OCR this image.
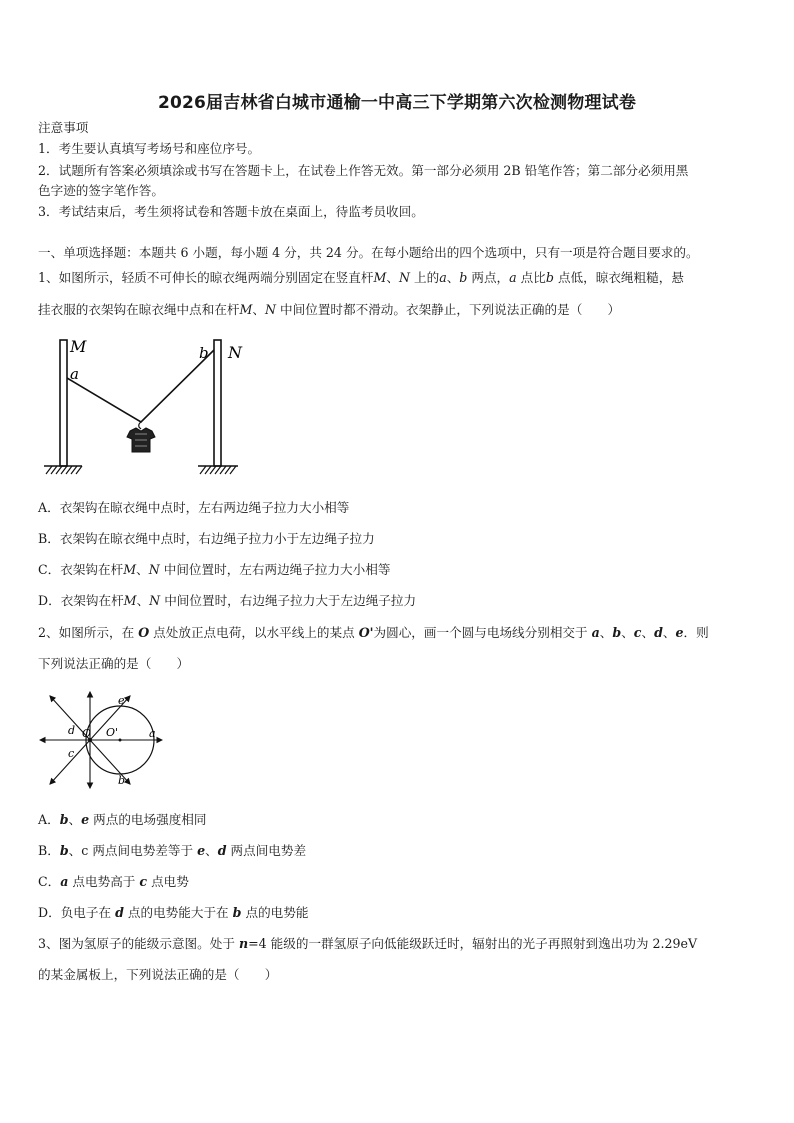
2026届吉林省白城市通榆一中高三下学期第六次检测物理试卷
注意事项
1．考生要认真填写考场号和座位序号。
2．试题所有答案必须填涂或书写在答题卡上，在试卷上作答无效。第一部分必须用 2B 铅笔作答；第二部分必须用黑
色字迹的签字笔作答。
3．考试结束后，考生须将试卷和答题卡放在桌面上，待监考员收回。
一、单项选择题：本题共 6 小题，每小题 4 分，共 24 分。在每小题给出的四个选项中，只有一项是符合题目要求的。
1、如图所示，轻质不可伸长的晾衣绳两端分别固定在竖直杆M、N 上的a、b 两点，a 点比b 点低，晾衣绳粗糙，悬
挂衣服的衣架钩在晾衣绳中点和在杆M、N 中间位置时都不滑动。衣架静止，下列说法正确的是（　　）
M
a
b N
A．衣架钩在晾衣绳中点时，左右两边绳子拉力大小相等
B．衣架钩在晾衣绳中点时，右边绳子拉力小于左边绳子拉力
C．衣架钩在杆M、N 中间位置时，左右两边绳子拉力大小相等
D．衣架钩在杆M、N 中间位置时，右边绳子拉力大于左边绳子拉力
2、如图所示，在 O 点处放正点电荷，以水平线上的某点 O'为圆心，画一个圆与电场线分别相交于 a、b、c、d、e．则
下列说法正确的是（　　）
e
d O O'	a
c
b
A．b、e 两点的电场强度相同
B．b、c 两点间电势差等于 e、d 两点间电势差
C．a 点电势高于 c 点电势
D．负电子在 d 点的电势能大于在 b 点的电势能
3、图为氢原子的能级示意图。处于 n=4 能级的一群氢原子向低能级跃迁时，辐射出的光子再照射到逸出功为 2.29eV
的某金属板上，下列说法正确的是（　　）
